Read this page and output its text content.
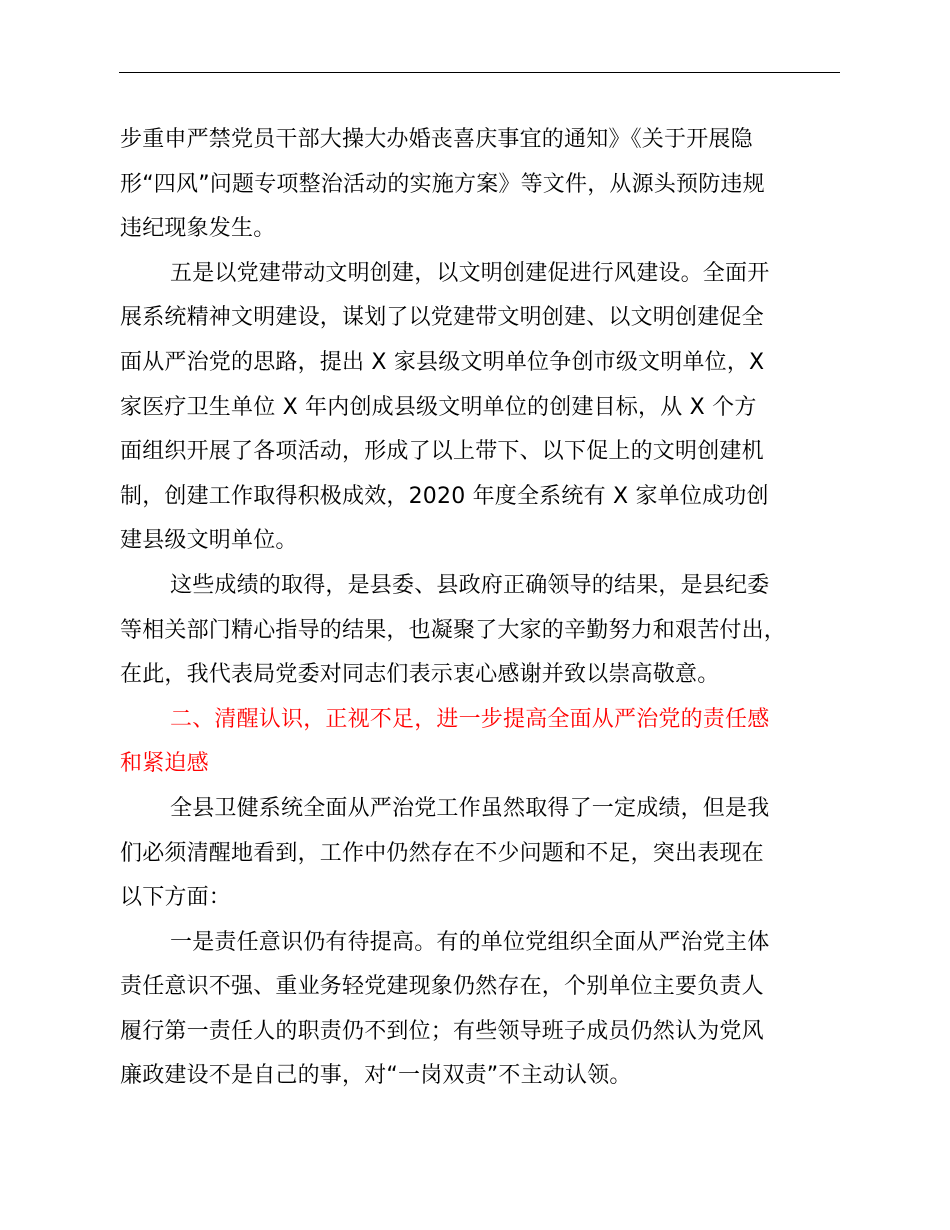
步重申严禁党员干部大操大办婚丧喜庆事宜的通知》《关于开展隐
形“四风”问题专项整治活动的实施方案》等文件，从源头预防违规
违纪现象发生。
五是以党建带动文明创建，以文明创建促进行风建设。全面开
展系统精神文明建设，谋划了以党建带文明创建、以文明创建促全
面从严治党的思路，提出 X 家县级文明单位争创市级文明单位，X
家医疗卫生单位 X 年内创成县级文明单位的创建目标，从 X 个方
面组织开展了各项活动，形成了以上带下、以下促上的文明创建机
制，创建工作取得积极成效，2020 年度全系统有 X 家单位成功创
建县级文明单位。
这些成绩的取得，是县委、县政府正确领导的结果，是县纪委
等相关部门精心指导的结果，也凝聚了大家的辛勤努力和艰苦付出，
在此，我代表局党委对同志们表示衷心感谢并致以崇高敬意。
二、清醒认识，正视不足，进一步提高全面从严治党的责任感
和紧迫感
全县卫健系统全面从严治党工作虽然取得了一定成绩，但是我
们必须清醒地看到，工作中仍然存在不少问题和不足，突出表现在
以下方面：
一是责任意识仍有待提高。有的单位党组织全面从严治党主体
责任意识不强、重业务轻党建现象仍然存在，个别单位主要负责人
履行第一责任人的职责仍不到位；有些领导班子成员仍然认为党风
廉政建设不是自己的事，对“一岗双责”不主动认领。
